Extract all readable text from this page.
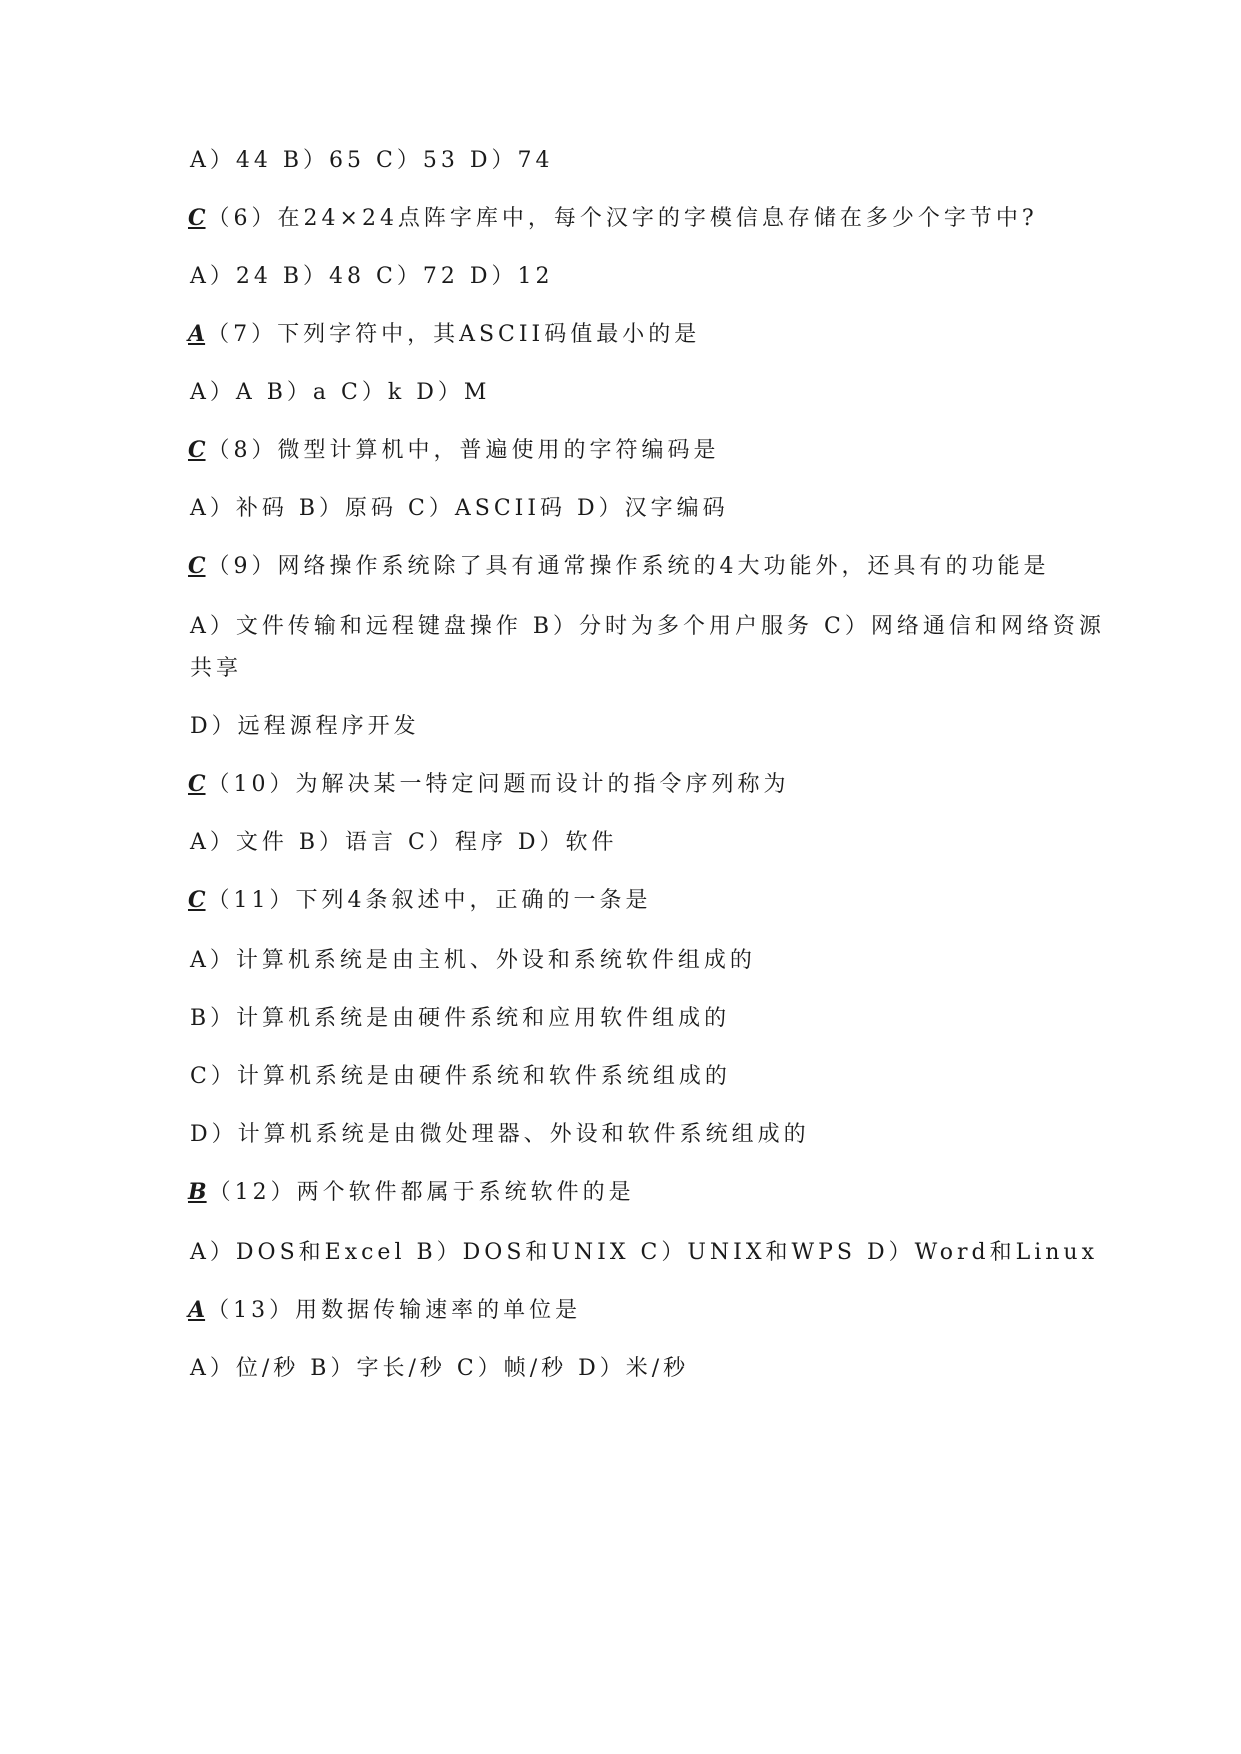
A）44 B）65 C）53 D）74
C（6）在24×24点阵字库中，每个汉字的字模信息存储在多少个字节中?
A）24 B）48 C）72 D）12
A（7）下列字符中，其ASCII码值最小的是
A）A B）a C）k D）M
C（8）微型计算机中，普遍使用的字符编码是
A）补码 B）原码 C）ASCII码 D）汉字编码
C（9）网络操作系统除了具有通常操作系统的4大功能外，还具有的功能是
A）文件传输和远程键盘操作 B）分时为多个用户服务 C）网络通信和网络资源
共享
D）远程源程序开发
C（10）为解决某一特定问题而设计的指令序列称为
A）文件 B）语言 C）程序 D）软件
C（11）下列4条叙述中，正确的一条是
A）计算机系统是由主机、外设和系统软件组成的
B）计算机系统是由硬件系统和应用软件组成的
C）计算机系统是由硬件系统和软件系统组成的
D）计算机系统是由微处理器、外设和软件系统组成的
B（12）两个软件都属于系统软件的是
A）DOS和Excel B）DOS和UNIX C）UNIX和WPS D）Word和Linux
A（13）用数据传输速率的单位是
A）位/秒 B）字长/秒 C）帧/秒 D）米/秒
